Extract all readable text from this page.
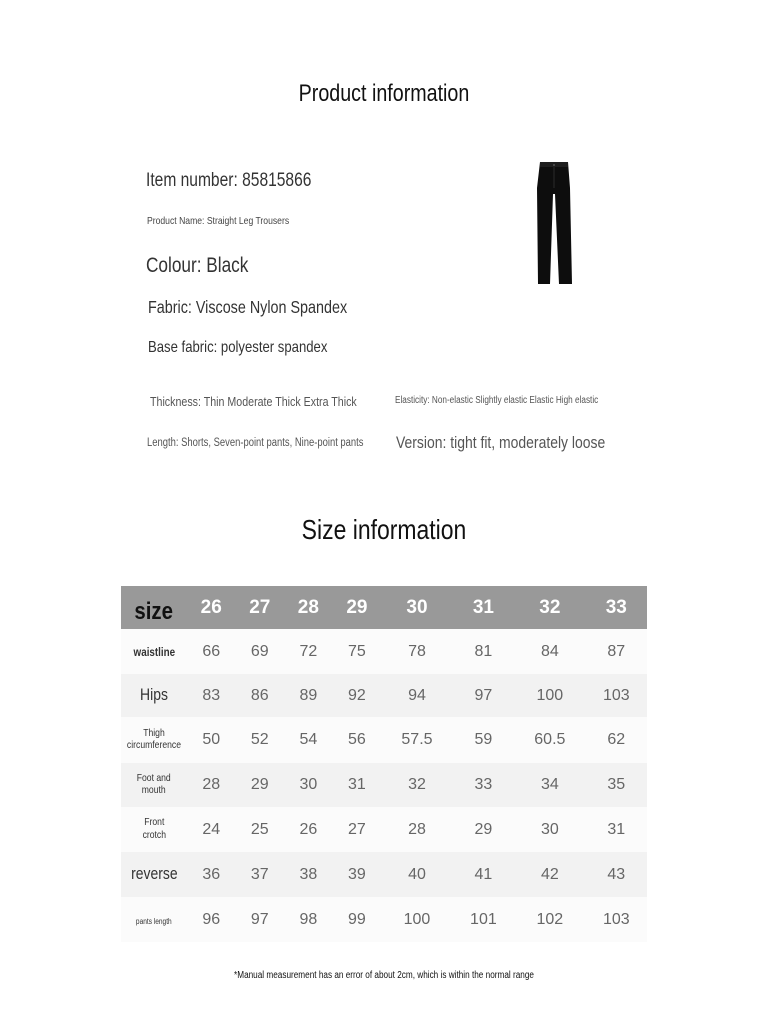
Product information
Item number: 85815866
Product Name: Straight Leg Trousers
Colour: Black
Fabric: Viscose Nylon Spandex
Base fabric: polyester spandex
Thickness: Thin Moderate Thick Extra Thick	Elasticity: Non-elastic Slightly elastic Elastic High elastic
Length: Shorts, Seven-point pants, Nine-point pants Version: tight fit, moderately loose
Size information
size	26	27	28	29	30	31	32	33
waistline	66	69	72	75	78	81	84	87
Hips	83	86	89	92	94	97	100	103
Thigh
circumference	50	52	54	56	57.5	59	60.5	62
Foot and
mouth	28	29	30	31	32	33	34	35
Front
crotch	24	25	26	27	28	29	30	31
reverse	36	37	38	39	40	41	42	43
pants length	96	97	98	99	100	101	102	103
*Manual measurement has an error of about 2cm, which is within the normal range
